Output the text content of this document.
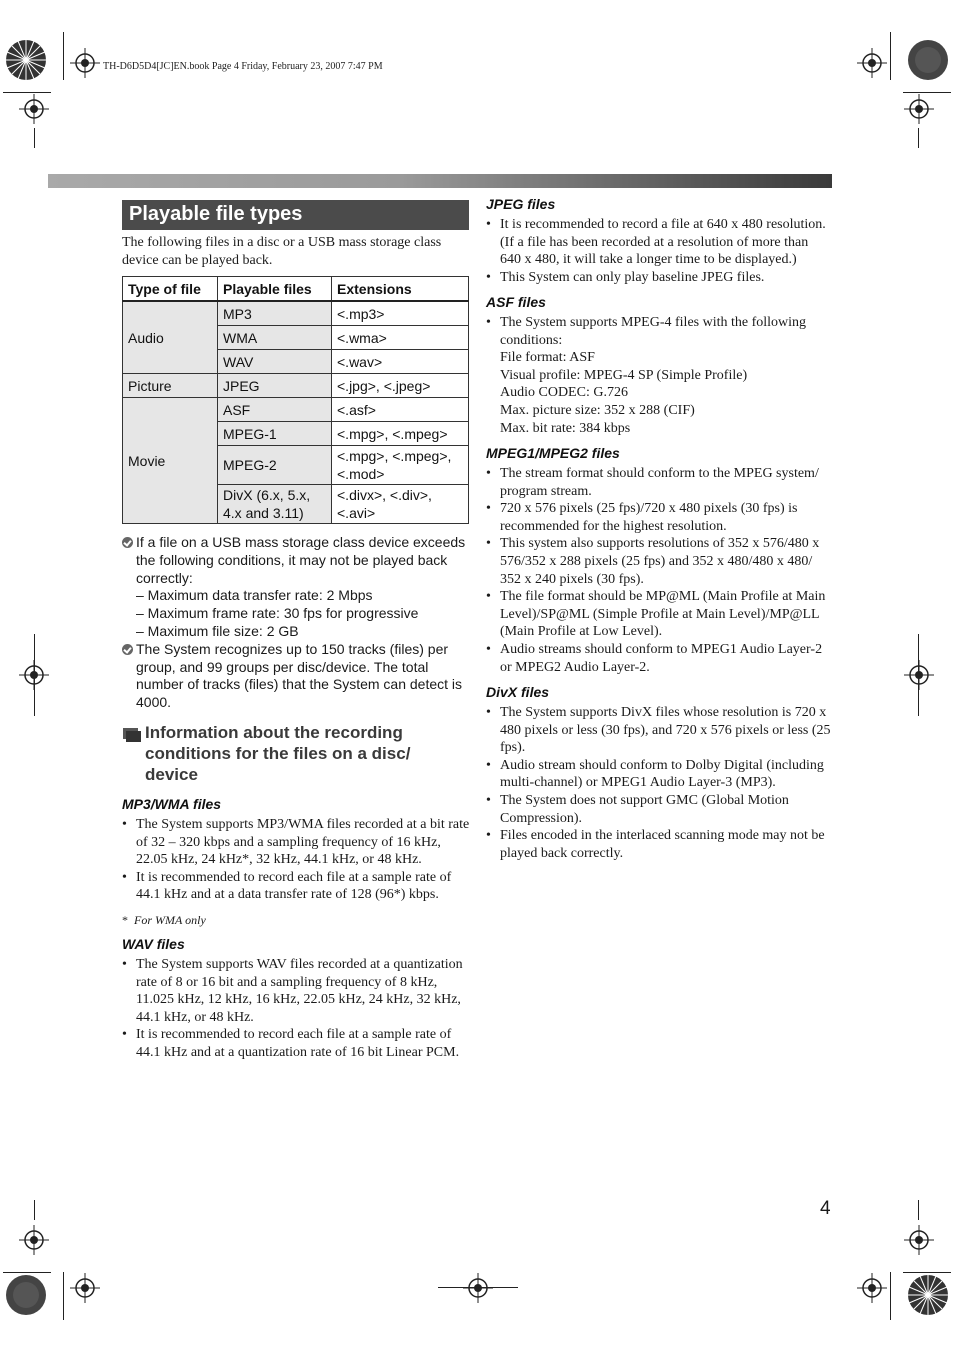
TH-D6D5D4[JC]EN.book Page 4 Friday, February 23, 2007 7:47 PM
Playable file types
The following files in a disc or a USB mass storage class device can be played back.
Type of file	Playable files	Extensions
Audio	MP3	<.mp3>
	WMA	<.wma>
	WAV	<.wav>
Picture	JPEG	<.jpg>, <.jpeg>
Movie	ASF	<.asf>
	MPEG-1	<.mpg>, <.mpeg>
	MPEG-2	<.mpg>, <.mpeg>, <.mod>
	DivX (6.x, 5.x, 4.x and 3.11)	<.divx>, <.div>, <.avi>
If a file on a USB mass storage class device exceeds the following conditions, it may not be played back correctly:
– Maximum data transfer rate: 2 Mbps
– Maximum frame rate: 30 fps for progressive
– Maximum file size: 2 GB
The System recognizes up to 150 tracks (files) per group, and 99 groups per disc/device. The total number of tracks (files) that the System can detect is 4000.
Information about the recording conditions for the files on a disc/ device
MP3/WMA files
• The System supports MP3/WMA files recorded at a bit rate of 32 – 320 kbps and a sampling frequency of 16 kHz, 22.05 kHz, 24 kHz*, 32 kHz, 44.1 kHz, or 48 kHz.
• It is recommended to record each file at a sample rate of 44.1 kHz and at a data transfer rate of 128 (96*) kbps.
* For WMA only
WAV files
• The System supports WAV files recorded at a quantization rate of 8 or 16 bit and a sampling frequency of 8 kHz, 11.025 kHz, 12 kHz, 16 kHz, 22.05 kHz, 24 kHz, 32 kHz, 44.1 kHz, or 48 kHz.
• It is recommended to record each file at a sample rate of 44.1 kHz and at a quantization rate of 16 bit Linear PCM.
JPEG files
• It is recommended to record a file at 640 x 480 resolution. (If a file has been recorded at a resolution of more than 640 x 480, it will take a longer time to be displayed.)
• This System can only play baseline JPEG files.
ASF files
• The System supports MPEG-4 files with the following conditions:
File format: ASF
Visual profile: MPEG-4 SP (Simple Profile)
Audio CODEC: G.726
Max. picture size: 352 x 288 (CIF)
Max. bit rate: 384 kbps
MPEG1/MPEG2 files
• The stream format should conform to the MPEG system/ program stream.
• 720 x 576 pixels (25 fps)/720 x 480 pixels (30 fps) is recommended for the highest resolution.
• This system also supports resolutions of 352 x 576/480 x 576/352 x 288 pixels (25 fps) and 352 x 480/480 x 480/ 352 x 240 pixels (30 fps).
• The file format should be MP@ML (Main Profile at Main Level)/SP@ML (Simple Profile at Main Level)/MP@LL (Main Profile at Low Level).
• Audio streams should conform to MPEG1 Audio Layer-2 or MPEG2 Audio Layer-2.
DivX files
• The System supports DivX files whose resolution is 720 x 480 pixels or less (30 fps), and 720 x 576 pixels or less (25 fps).
• Audio stream should conform to Dolby Digital (including multi-channel) or MPEG1 Audio Layer-3 (MP3).
• The System does not support GMC (Global Motion Compression).
• Files encoded in the interlaced scanning mode may not be played back correctly.
4
